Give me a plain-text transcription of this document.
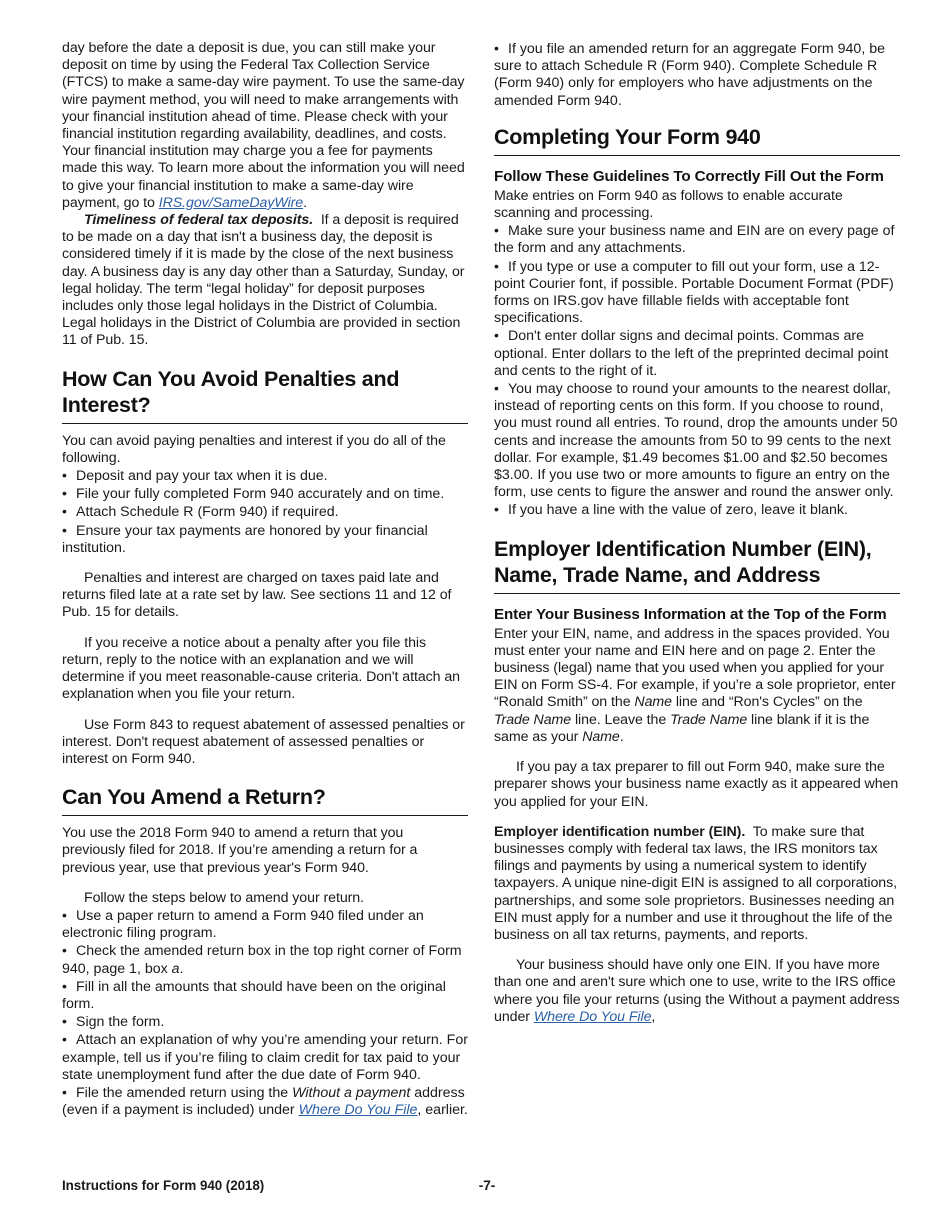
day before the date a deposit is due, you can still make your deposit on time by using the Federal Tax Collection Service (FTCS) to make a same-day wire payment. To use the same-day wire payment method, you will need to make arrangements with your financial institution ahead of time. Please check with your financial institution regarding availability, deadlines, and costs. Your financial institution may charge you a fee for payments made this way. To learn more about the information you will need to give your financial institution to make a same-day wire payment, go to IRS.gov/SameDayWire.

Timeliness of federal tax deposits. If a deposit is required to be made on a day that isn't a business day, the deposit is considered timely if it is made by the close of the next business day. A business day is any day other than a Saturday, Sunday, or legal holiday. The term “legal holiday” for deposit purposes includes only those legal holidays in the District of Columbia. Legal holidays in the District of Columbia are provided in section 11 of Pub. 15.

How Can You Avoid Penalties and Interest?

You can avoid paying penalties and interest if you do all of the following.

• Deposit and pay your tax when it is due.
• File your fully completed Form 940 accurately and on time.
• Attach Schedule R (Form 940) if required.
• Ensure your tax payments are honored by your financial institution.

Penalties and interest are charged on taxes paid late and returns filed late at a rate set by law. See sections 11 and 12 of Pub. 15 for details.

If you receive a notice about a penalty after you file this return, reply to the notice with an explanation and we will determine if you meet reasonable-cause criteria. Don't attach an explanation when you file your return.

Use Form 843 to request abatement of assessed penalties or interest. Don't request abatement of assessed penalties or interest on Form 940.

Can You Amend a Return?

You use the 2018 Form 940 to amend a return that you previously filed for 2018. If you’re amending a return for a previous year, use that previous year's Form 940.

Follow the steps below to amend your return.

• Use a paper return to amend a Form 940 filed under an electronic filing program.
• Check the amended return box in the top right corner of Form 940, page 1, box a.
• Fill in all the amounts that should have been on the original form.
• Sign the form.
• Attach an explanation of why you’re amending your return. For example, tell us if you’re filing to claim credit for tax paid to your state unemployment fund after the due date of Form 940.
• File the amended return using the Without a payment address (even if a payment is included) under Where Do You File, earlier.
• If you file an amended return for an aggregate Form 940, be sure to attach Schedule R (Form 940). Complete Schedule R (Form 940) only for employers who have adjustments on the amended Form 940.
Completing Your Form 940
Follow These Guidelines To Correctly Fill Out the Form

Make entries on Form 940 as follows to enable accurate scanning and processing.

• Make sure your business name and EIN are on every page of the form and any attachments.
• If you type or use a computer to fill out your form, use a 12-point Courier font, if possible. Portable Document Format (PDF) forms on IRS.gov have fillable fields with acceptable font specifications.
• Don't enter dollar signs and decimal points. Commas are optional. Enter dollars to the left of the preprinted decimal point and cents to the right of it.
• You may choose to round your amounts to the nearest dollar, instead of reporting cents on this form. If you choose to round, you must round all entries. To round, drop the amounts under 50 cents and increase the amounts from 50 to 99 cents to the next dollar. For example, $1.49 becomes $1.00 and $2.50 becomes $3.00. If you use two or more amounts to figure an entry on the form, use cents to figure the answer and round the answer only.
• If you have a line with the value of zero, leave it blank.
Employer Identification Number (EIN), Name, Trade Name, and Address
Enter Your Business Information at the Top of the Form

Enter your EIN, name, and address in the spaces provided. You must enter your name and EIN here and on page 2. Enter the business (legal) name that you used when you applied for your EIN on Form SS-4. For example, if you’re a sole proprietor, enter “Ronald Smith” on the Name line and “Ron's Cycles” on the Trade Name line. Leave the Trade Name line blank if it is the same as your Name.

If you pay a tax preparer to fill out Form 940, make sure the preparer shows your business name exactly as it appeared when you applied for your EIN.

Employer identification number (EIN). To make sure that businesses comply with federal tax laws, the IRS monitors tax filings and payments by using a numerical system to identify taxpayers. A unique nine-digit EIN is assigned to all corporations, partnerships, and some sole proprietors. Businesses needing an EIN must apply for a number and use it throughout the life of the business on all tax returns, payments, and reports.

Your business should have only one EIN. If you have more than one and aren't sure which one to use, write to the IRS office where you file your returns (using the Without a payment address under Where Do You File,

Instructions for Form 940 (2018)	-7-
